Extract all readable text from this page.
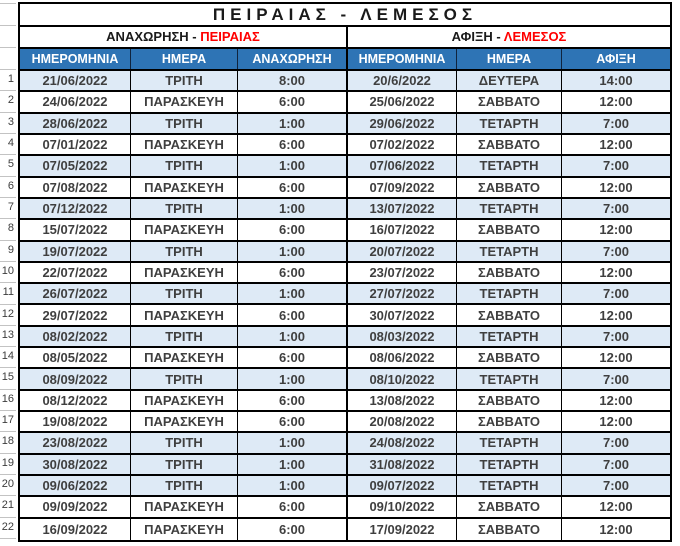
1
2
3
4
5
6
7
8
9
10
11
12
13
14
15
16
17
18
19
20
21
22
ΠΕΙΡΑΙΑΣ - ΛΕΜΕΣΟΣ
ΑΝΑΧΩΡΗΣΗ - ΠΕΙΡΑΙΑΣ	ΑΦΙΞΗ - ΛΕΜΕΣΟΣ
ΗΜΕΡΟΜΗΝΙΑ	ΗΜΕΡΑ	ΑΝΑΧΩΡΗΣΗ	ΗΜΕΡΟΜΗΝΙΑ	ΗΜΕΡΑ	ΑΦΙΞΗ
21/06/2022	ΤΡΙΤΗ	8:00	20/6/2022	ΔΕΥΤΕΡΑ	14:00
24/06/2022	ΠΑΡΑΣΚΕΥΗ	6:00	25/06/2022	ΣΑΒΒΑΤΟ	12:00
28/06/2022	ΤΡΙΤΗ	1:00	29/06/2022	ΤΕΤΑΡΤΗ	7:00
07/01/2022	ΠΑΡΑΣΚΕΥΗ	6:00	07/02/2022	ΣΑΒΒΑΤΟ	12:00
07/05/2022	ΤΡΙΤΗ	1:00	07/06/2022	ΤΕΤΑΡΤΗ	7:00
07/08/2022	ΠΑΡΑΣΚΕΥΗ	6:00	07/09/2022	ΣΑΒΒΑΤΟ	12:00
07/12/2022	ΤΡΙΤΗ	1:00	13/07/2022	ΤΕΤΑΡΤΗ	7:00
15/07/2022	ΠΑΡΑΣΚΕΥΗ	6:00	16/07/2022	ΣΑΒΒΑΤΟ	12:00
19/07/2022	ΤΡΙΤΗ	1:00	20/07/2022	ΤΕΤΑΡΤΗ	7:00
22/07/2022	ΠΑΡΑΣΚΕΥΗ	6:00	23/07/2022	ΣΑΒΒΑΤΟ	12:00
26/07/2022	ΤΡΙΤΗ	1:00	27/07/2022	ΤΕΤΑΡΤΗ	7:00
29/07/2022	ΠΑΡΑΣΚΕΥΗ	6:00	30/07/2022	ΣΑΒΒΑΤΟ	12:00
08/02/2022	ΤΡΙΤΗ	1:00	08/03/2022	ΤΕΤΑΡΤΗ	7:00
08/05/2022	ΠΑΡΑΣΚΕΥΗ	6:00	08/06/2022	ΣΑΒΒΑΤΟ	12:00
08/09/2022	ΤΡΙΤΗ	1:00	08/10/2022	ΤΕΤΑΡΤΗ	7:00
08/12/2022	ΠΑΡΑΣΚΕΥΗ	6:00	13/08/2022	ΣΑΒΒΑΤΟ	12:00
19/08/2022	ΠΑΡΑΣΚΕΥΗ	6:00	20/08/2022	ΣΑΒΒΑΤΟ	12:00
23/08/2022	ΤΡΙΤΗ	1:00	24/08/2022	ΤΕΤΑΡΤΗ	7:00
30/08/2022	ΤΡΙΤΗ	1:00	31/08/2022	ΤΕΤΑΡΤΗ	7:00
09/06/2022	ΤΡΙΤΗ	1:00	09/07/2022	ΤΕΤΑΡΤΗ	7:00
09/09/2022	ΠΑΡΑΣΚΕΥΗ	6:00	09/10/2022	ΣΑΒΒΑΤΟ	12:00
16/09/2022	ΠΑΡΑΣΚΕΥΗ	6:00	17/09/2022	ΣΑΒΒΑΤΟ	12:00
